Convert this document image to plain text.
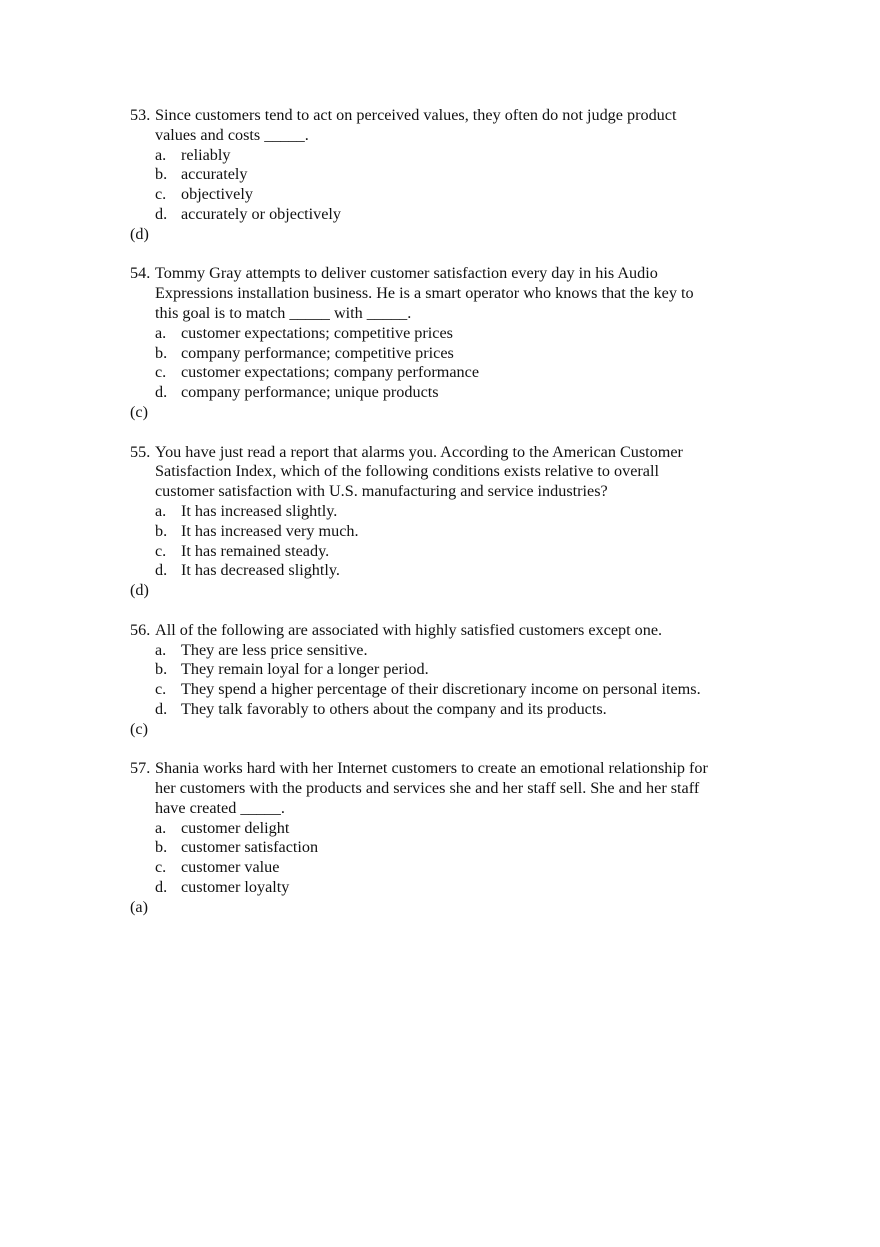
53. Since customers tend to act on perceived values, they often do not judge product
values and costs _____.
a. reliably
b. accurately
c. objectively
d. accurately or objectively
(d)
54. Tommy Gray attempts to deliver customer satisfaction every day in his Audio
Expressions installation business. He is a smart operator who knows that the key to
this goal is to match _____ with _____.
a. customer expectations; competitive prices
b. company performance; competitive prices
c. customer expectations; company performance
d. company performance; unique products
(c)
55. You have just read a report that alarms you. According to the American Customer
Satisfaction Index, which of the following conditions exists relative to overall
customer satisfaction with U.S. manufacturing and service industries?
a. It has increased slightly.
b. It has increased very much.
c. It has remained steady.
d. It has decreased slightly.
(d)
56. All of the following are associated with highly satisfied customers except one.
a. They are less price sensitive.
b. They remain loyal for a longer period.
c. They spend a higher percentage of their discretionary income on personal items.
d. They talk favorably to others about the company and its products.
(c)
57. Shania works hard with her Internet customers to create an emotional relationship for
her customers with the products and services she and her staff sell. She and her staff
have created _____.
a. customer delight
b. customer satisfaction
c. customer value
d. customer loyalty
(a)
